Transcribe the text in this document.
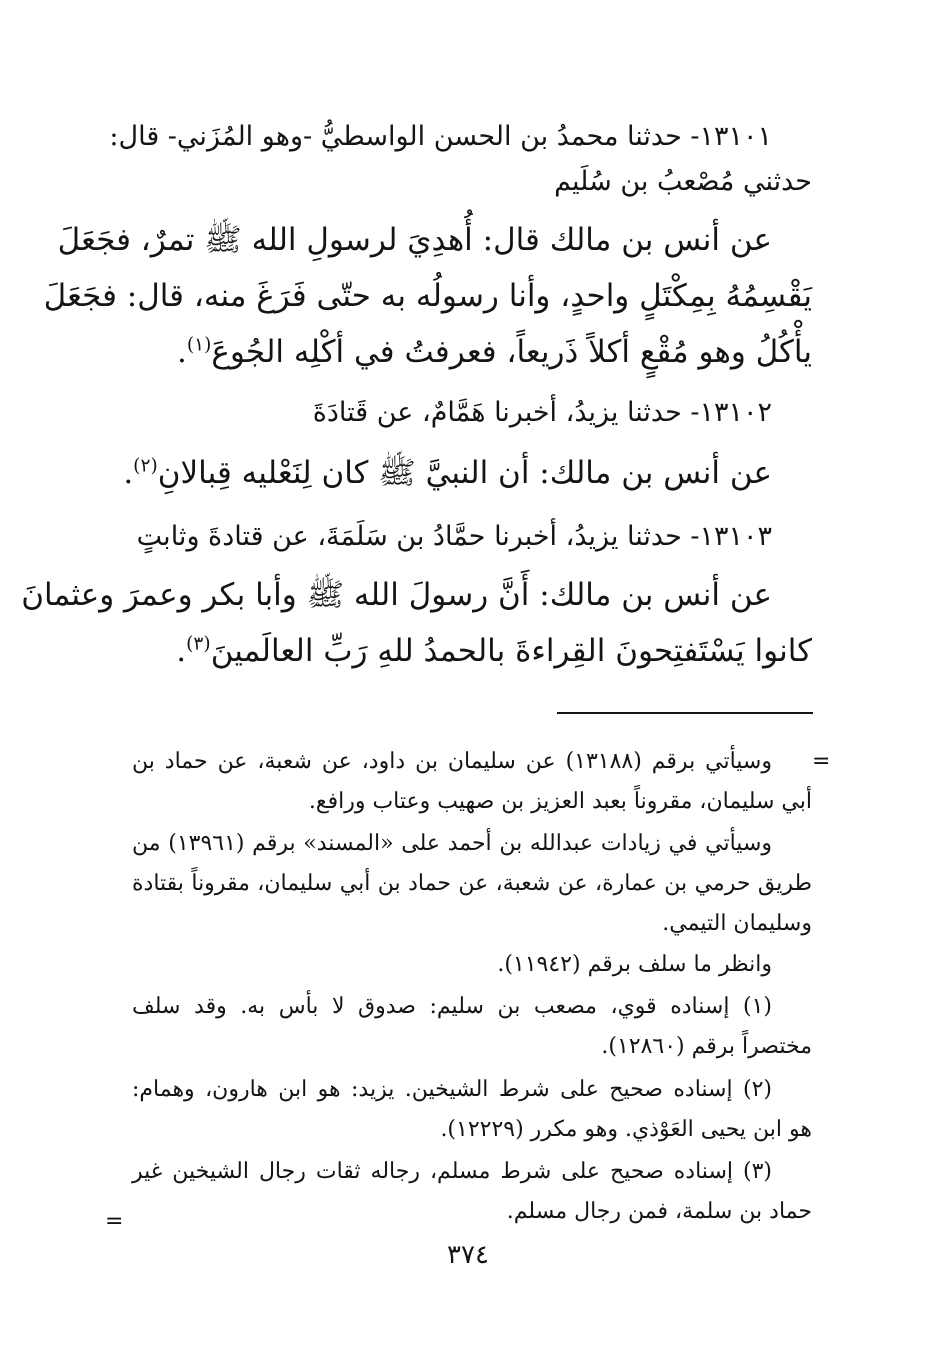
١٣١٠١- حدثنا محمدُ بن الحسن الواسطيُّ -وهو المُزَني- قال:
حدثني مُصْعبُ بن سُلَيم
عن أنس بن مالك قال: أُهدِيَ لرسولِ الله ﷺ تمرٌ، فجَعَلَ
يَقْسِمُهُ بِمِكْتَلٍ واحدٍ، وأنا رسولُه به حتّى فَرَغَ منه، قال: فجَعَلَ
يأْكُلُ وهو مُقْعٍ أكلاً ذَريعاً، فعرفتُ في أكْلِه الجُوعَ$^{(١)}$.
١٣١٠٢- حدثنا يزيدُ، أخبرنا هَمَّامٌ، عن قَتادَةَ
عن أنس بن مالك: أن النبيَّ ﷺ كان لِنَعْليه قِبالانِ$^{(٢)}$.
١٣١٠٣- حدثنا يزيدُ، أخبرنا حمَّادُ بن سَلَمَةَ، عن قتادةَ وثابتٍ
عن أنس بن مالك: أَنَّ رسولَ الله ﷺ وأبا بكر وعمرَ وعثمانَ
كانوا يَسْتَفتِحونَ القِراءةَ بالحمدُ للهِ رَبِّ العالَمينَ$^{(٣)}$.
=
وسيأتي برقم (١٣١٨٨) عن سليمان بن داود، عن شعبة، عن حماد بن
أبي سليمان، مقروناً بعبد العزيز بن صهيب وعتاب ورافع.
وسيأتي في زيادات عبدالله بن أحمد على «المسند» برقم (١٣٩٦١) من
طريق حرمي بن عمارة، عن شعبة، عن حماد بن أبي سليمان، مقروناً بقتادة
وسليمان التيمي.
وانظر ما سلف برقم (١١٩٤٢).
(١) إسناده قوي، مصعب بن سليم: صدوق لا بأس به. وقد سلف
مختصراً برقم (١٢٨٦٠).
(٢) إسناده صحيح على شرط الشيخين. يزيد: هو ابن هارون، وهمام:
هو ابن يحيى العَوْذي. وهو مكرر (١٢٢٢٩).
(٣) إسناده صحيح على شرط مسلم، رجاله ثقات رجال الشيخين غير
حماد بن سلمة، فمن رجال مسلم.
=
٣٧٤
